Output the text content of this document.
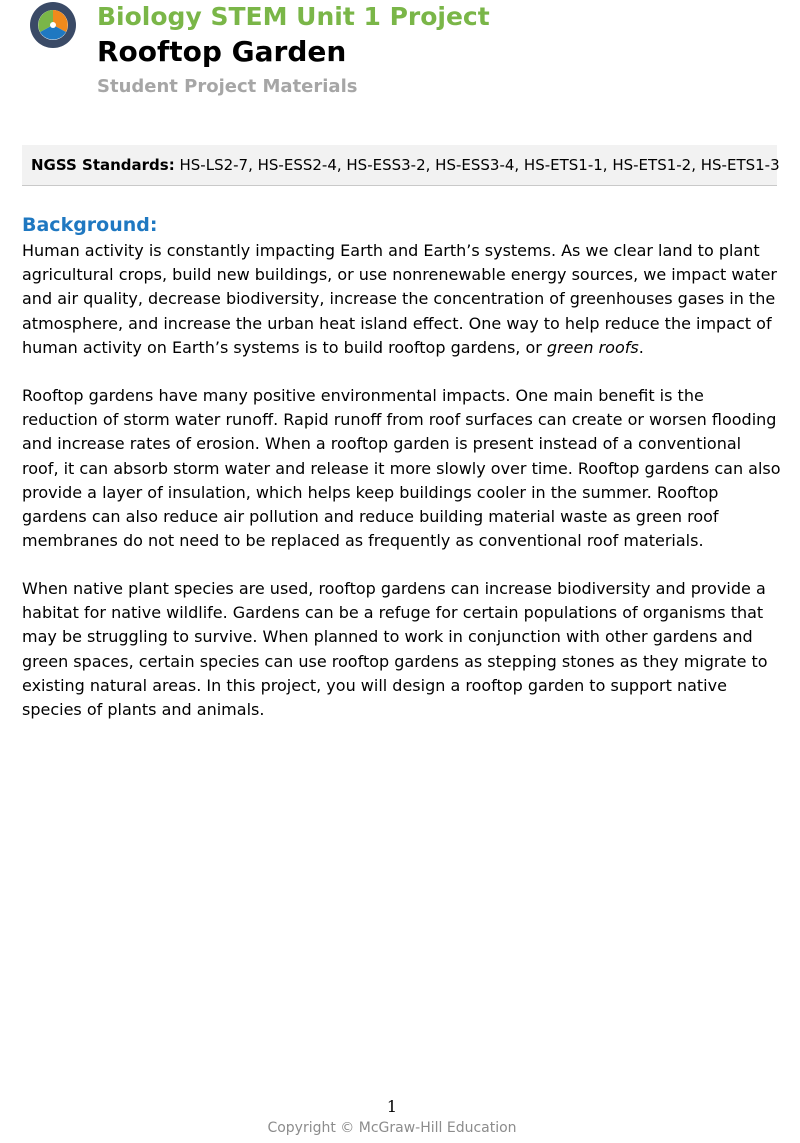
Biology STEM Unit 1 Project
Rooftop Garden
Student Project Materials
NGSS Standards: HS-LS2-7, HS-ESS2-4, HS-ESS3-2, HS-ESS3-4, HS-ETS1-1, HS-ETS1-2, HS-ETS1-3
Background:

Human activity is constantly impacting Earth and Earth’s systems. As we clear land to plant agricultural crops, build new buildings, or use nonrenewable energy sources, we impact water and air quality, decrease biodiversity, increase the concentration of greenhouses gases in the atmosphere, and increase the urban heat island effect. One way to help reduce the impact of human activity on Earth’s systems is to build rooftop gardens, or green roofs.

Rooftop gardens have many positive environmental impacts. One main benefit is the reduction of storm water runoff. Rapid runoff from roof surfaces can create or worsen flooding and increase rates of erosion. When a rooftop garden is present instead of a conventional roof, it can absorb storm water and release it more slowly over time. Rooftop gardens can also provide a layer of insulation, which helps keep buildings cooler in the summer. Rooftop gardens can also reduce air pollution and reduce building material waste as green roof membranes do not need to be replaced as frequently as conventional roof materials.

When native plant species are used, rooftop gardens can increase biodiversity and provide a habitat for native wildlife. Gardens can be a refuge for certain populations of organisms that may be struggling to survive. When planned to work in conjunction with other gardens and green spaces, certain species can use rooftop gardens as stepping stones as they migrate to existing natural areas. In this project, you will design a rooftop garden to support native species of plants and animals.

1
Copyright © McGraw-Hill Education
